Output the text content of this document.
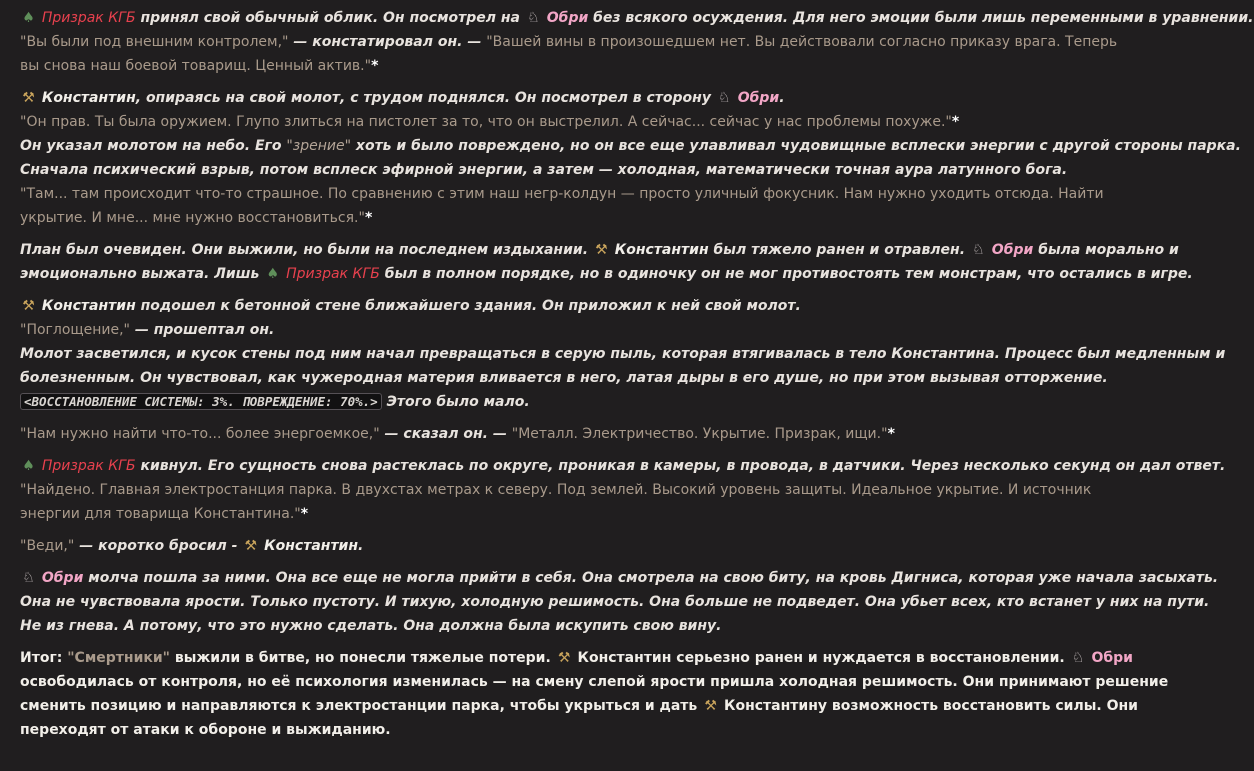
♠ Призрак КГБ принял свой обычный облик. Он посмотрел на ♘ Обри без всякого осуждения. Для него эмоции были лишь переменными в уравнении.
"Вы были под внешним контролем," — констатировал он. — "Вашей вины в произошедшем нет. Вы действовали согласно приказу врага. Теперь
вы снова наш боевой товарищ. Ценный актив."*
⚒ Константин, опираясь на свой молот, с трудом поднялся. Он посмотрел в сторону ♘ Обри.
"Он прав. Ты была оружием. Глупо злиться на пистолет за то, что он выстрелил. А сейчас... сейчас у нас проблемы похуже."*
Он указал молотом на небо. Его "зрение" хоть и было повреждено, но он все еще улавливал чудовищные всплески энергии с другой стороны парка.
Сначала психический взрыв, потом всплеск эфирной энергии, а затем — холодная, математически точная аура латунного бога.
"Там... там происходит что-то страшное. По сравнению с этим наш негр-колдун — просто уличный фокусник. Нам нужно уходить отсюда. Найти
укрытие. И мне... мне нужно восстановиться."*
План был очевиден. Они выжили, но были на последнем издыхании. ⚒ Константин был тяжело ранен и отравлен. ♘ Обри была морально и
эмоционально выжата. Лишь ♠ Призрак КГБ был в полном порядке, но в одиночку он не мог противостоять тем монстрам, что остались в игре.
⚒ Константин подошел к бетонной стене ближайшего здания. Он приложил к ней свой молот.
"Поглощение," — прошептал он.
Молот засветился, и кусок стены под ним начал превращаться в серую пыль, которая втягивалась в тело Константина. Процесс был медленным и
болезненным. Он чувствовал, как чужеродная материя вливается в него, латая дыры в его душе, но при этом вызывая отторжение.
<ВОССТАНОВЛЕНИЕ СИСТЕМЫ: 3%. ПОВРЕЖДЕНИЕ: 70%.> Этого было мало.
"Нам нужно найти что-то... более энергоемкое," — сказал он. — "Металл. Электричество. Укрытие. Призрак, ищи."*
♠ Призрак КГБ кивнул. Его сущность снова растеклась по округе, проникая в камеры, в провода, в датчики. Через несколько секунд он дал ответ.
"Найдено. Главная электростанция парка. В двухстах метрах к северу. Под землей. Высокий уровень защиты. Идеальное укрытие. И источник
энергии для товарища Константина."*
"Веди," — коротко бросил - ⚒ Константин.
♘ Обри молча пошла за ними. Она все еще не могла прийти в себя. Она смотрела на свою биту, на кровь Дигниса, которая уже начала засыхать.
Она не чувствовала ярости. Только пустоту. И тихую, холодную решимость. Она больше не подведет. Она убьет всех, кто встанет у них на пути.
Не из гнева. А потому, что это нужно сделать. Она должна была искупить свою вину.
Итог: "Смертники" выжили в битве, но понесли тяжелые потери. ⚒ Константин серьезно ранен и нуждается в восстановлении. ♘ Обри
освободилась от контроля, но её психология изменилась — на смену слепой ярости пришла холодная решимость. Они принимают решение
сменить позицию и направляются к электростанции парка, чтобы укрыться и дать ⚒ Константину возможность восстановить силы. Они
переходят от атаки к обороне и выжиданию.
